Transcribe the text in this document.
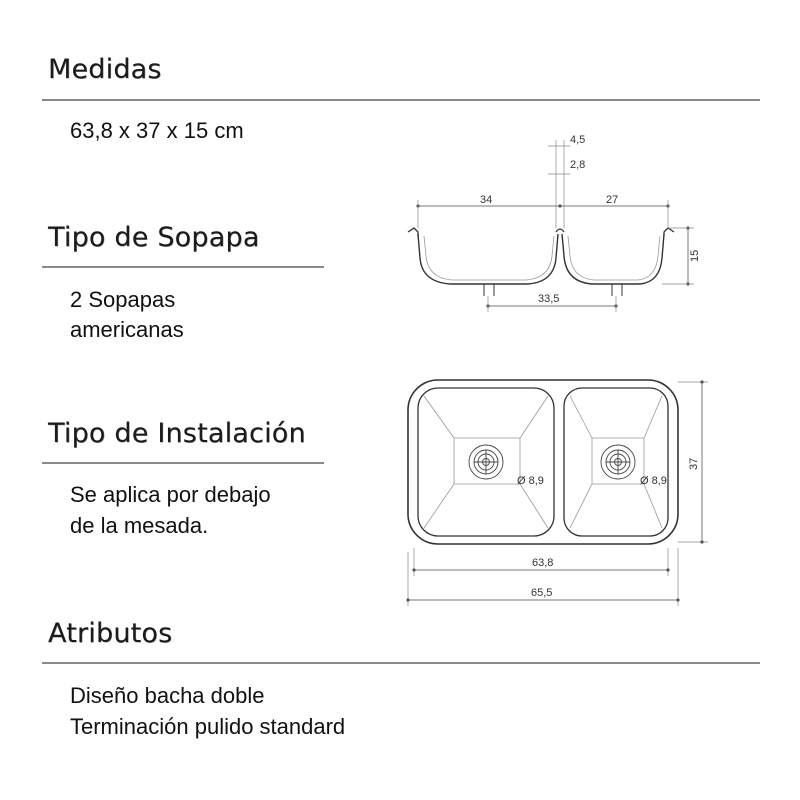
Medidas
63,8 x 37 x 15 cm
Tipo de Sopapa
2 Sopapas
americanas
Tipo de Instalación
Se aplica por debajo
de la mesada.
Atributos
Diseño bacha doble
Terminación pulido standard
4,5
2,8
34	27
33,5
15
Ø 8,9	Ø 8,9
37
63,8
65,5
